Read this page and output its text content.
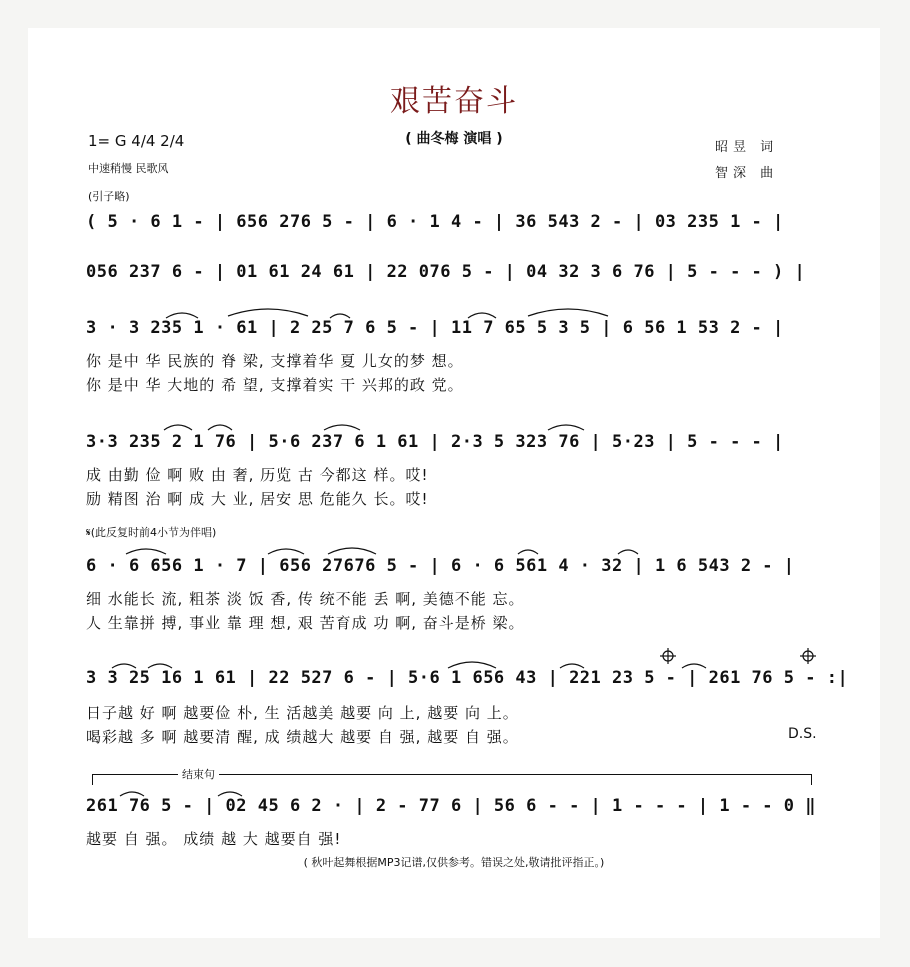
艰苦奋斗
( 曲冬梅 演唱 )
1= G 4/4 2/4
中速稍慢 民歌风
昭昱 词
智深 曲
(引子略)
( 5 · 6 1 - | 656 276 5 - | 6 · 1 4 - | 36 543 2 - | 03 235 1 - |
056 237 6 - | 01 61 24 61 | 22 076 5 - | 04 32 3 6 76 | 5 - - - ) |
3 · 3 235 1 · 61 | 2 25 7 6 5 - | 11 7 65 5 3 5 | 6 56 1 53 2 - |
你 是中 华 民族的 脊 梁, 支撑着华 夏 儿女的梦 想。
你 是中 华 大地的 希 望, 支撑着实 干 兴邦的政 党。
3·3 235 2 1 76 | 5·6 237 6 1 61 | 2·3 5 323 76 | 5·23 | 5 - - - |
成 由勤 俭 啊 败 由 奢, 历览 古 今都这 样。哎!
励 精图 治 啊 成 大 业, 居安 思 危能久 长。哎!
𝄋(此反复时前4小节为伴唱)
6 · 6 656 1 · 7 | 656 27676 5 - | 6 · 6 561 4 · 32 | 1 6 543 2 - |
细 水能长 流, 粗茶 淡 饭 香, 传 统不能 丢 啊, 美德不能 忘。
人 生靠拼 搏, 事业 靠 理 想, 艰 苦育成 功 啊, 奋斗是桥 梁。
3 3 25 16 1 61 | 22 527 6 - | 5·6 1 656 43 | 221 23 5 - | 261 76 5 - :|
日子越 好 啊 越要俭 朴, 生 活越美 越要 向 上, 越要 向 上。
喝彩越 多 啊 越要清 醒, 成 绩越大 越要 自 强, 越要 自 强。	D.S.
结束句
261 76 5 - | 02 45 6 2 · | 2 - 77 6 | 56 6 - - | 1 - - - | 1 - - 0 ‖
越要 自 强。 成绩 越 大 越要自 强!
( 秋叶起舞根据MP3记谱,仅供参考。错误之处,敬请批评指正。)
